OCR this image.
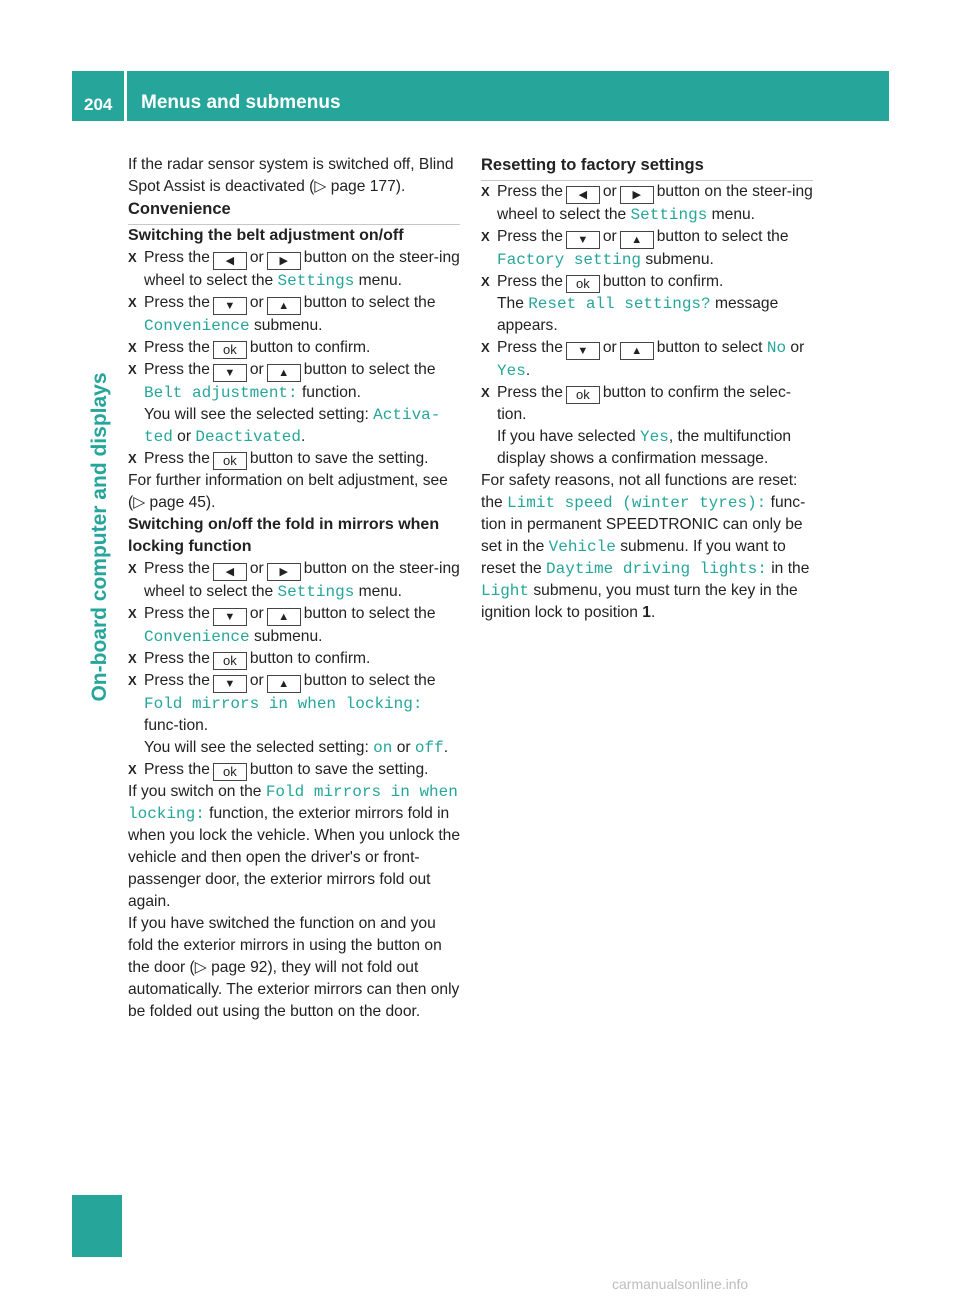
204 Menus and submenus
On-board computer and displays

If the radar sensor system is switched off, Blind Spot Assist is deactivated (▷ page 177).

Convenience

Switching the belt adjustment on/off

X Press the ◀ or ▶ button on the steer-ing wheel to select the Settings menu.

X Press the ▼ or ▲ button to select the Convenience submenu.

X Press the ok button to confirm.

X Press the ▼ or ▲ button to select the Belt adjustment: function.

You will see the selected setting: Activa-ted or Deactivated.

X Press the ok button to save the setting.

For further information on belt adjustment, see (▷ page 45).

Switching on/off the fold in mirrors when locking function

X Press the ◀ or ▶ button on the steer-ing wheel to select the Settings menu.

X Press the ▼ or ▲ button to select the Convenience submenu.

X Press the ok button to confirm.

X Press the ▼ or ▲ button to select the Fold mirrors in when locking: func-tion.

You will see the selected setting: on or off.

X Press the ok button to save the setting.

If you switch on the Fold mirrors in when locking: function, the exterior mirrors fold in when you lock the vehicle. When you unlock the vehicle and then open the driver's or front-passenger door, the exterior mirrors fold out again.

If you have switched the function on and you fold the exterior mirrors in using the button on the door (▷ page 92), they will not fold out automatically. The exterior mirrors can then only be folded out using the button on the door.

Resetting to factory settings

X Press the ◀ or ▶ button on the steer-ing wheel to select the Settings menu.

X Press the ▼ or ▲ button to select the Factory setting submenu.

X Press the ok button to confirm.

The Reset all settings? message appears.

X Press the ▼ or ▲ button to select No or Yes.

X Press the ok button to confirm the selec-tion.

If you have selected Yes, the multifunction display shows a confirmation message.

For safety reasons, not all functions are reset: the Limit speed (winter tyres): func-tion in permanent SPEEDTRONIC can only be set in the Vehicle submenu. If you want to reset the Daytime driving lights: in the Light submenu, you must turn the key in the ignition lock to position 1.

carmanualsonline.info
